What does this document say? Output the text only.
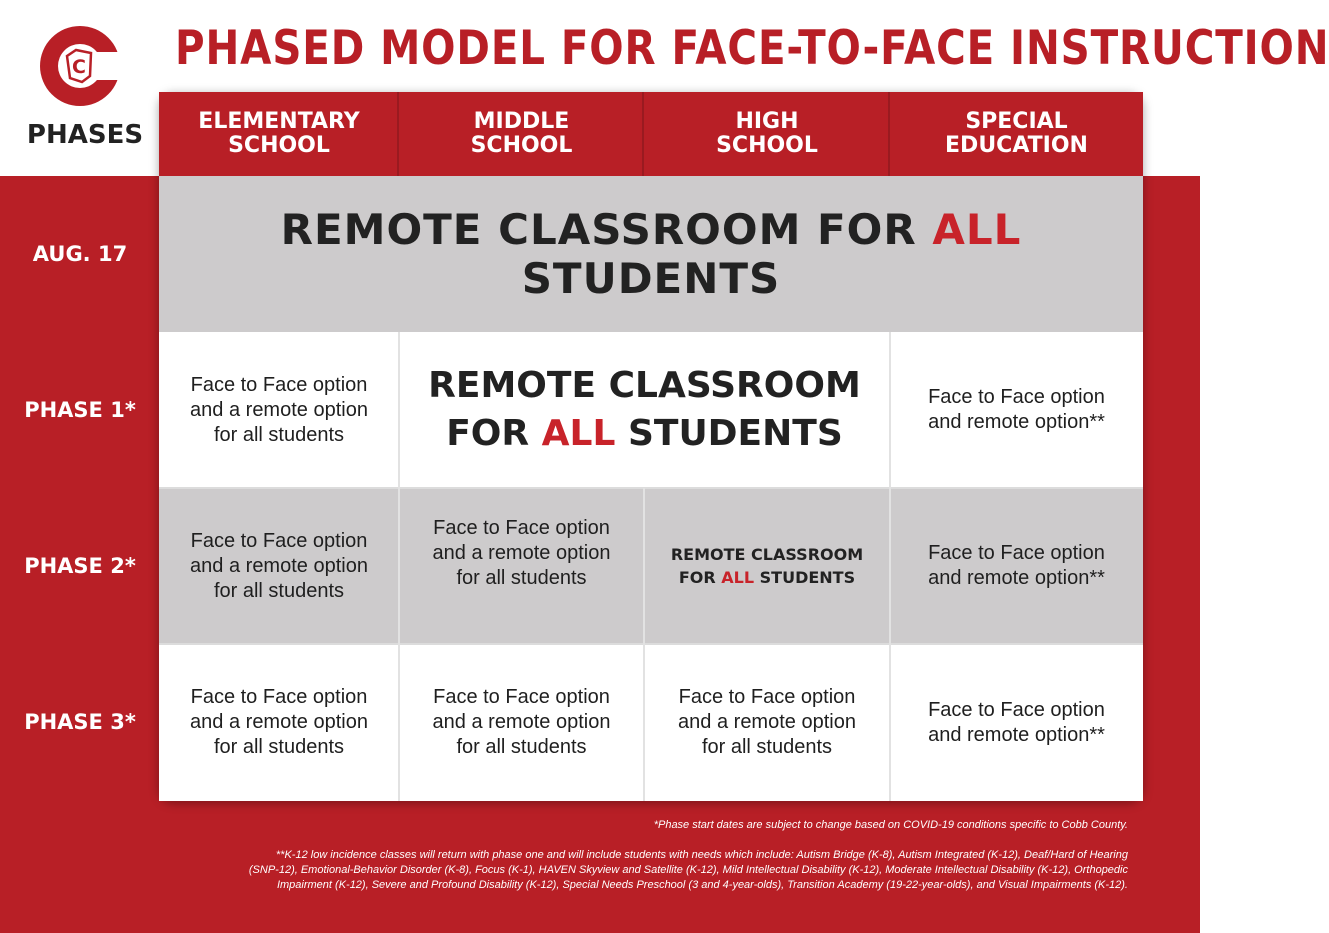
C PHASED MODEL FOR FACE-TO-FACE INSTRUCTION
PHASES
AUG. 17
PHASE 1*
PHASE 2*
PHASE 3*
ELEMENTARY
SCHOOL
MIDDLE
SCHOOL
HIGH
SCHOOL
SPECIAL
EDUCATION
REMOTE CLASSROOM FOR ALL STUDENTS
Face to Face option
and a remote option
for all students
REMOTE CLASSROOM
FOR ALL STUDENTS
Face to Face option
and remote option**
Face to Face option
and a remote option
for all students
Face to Face option
and a remote option
for all students
REMOTE CLASSROOM
FOR ALL STUDENTS
Face to Face option
and remote option**
Face to Face option
and a remote option
for all students
Face to Face option
and a remote option
for all students
Face to Face option
and a remote option
for all students
Face to Face option
and remote option**
*Phase start dates are subject to change based on COVID-19 conditions specific to Cobb County.
**K-12 low incidence classes will return with phase one and will include students with needs which include: Autism Bridge (K-8), Autism Integrated (K-12), Deaf/Hard of Hearing
(SNP-12), Emotional-Behavior Disorder (K-8), Focus (K-1), HAVEN Skyview and Satellite (K-12), Mild Intellectual Disability (K-12), Moderate Intellectual Disability (K-12), Orthopedic
Impairment (K-12), Severe and Profound Disability (K-12), Special Needs Preschool (3 and 4-year-olds), Transition Academy (19-22-year-olds), and Visual Impairments (K-12).
